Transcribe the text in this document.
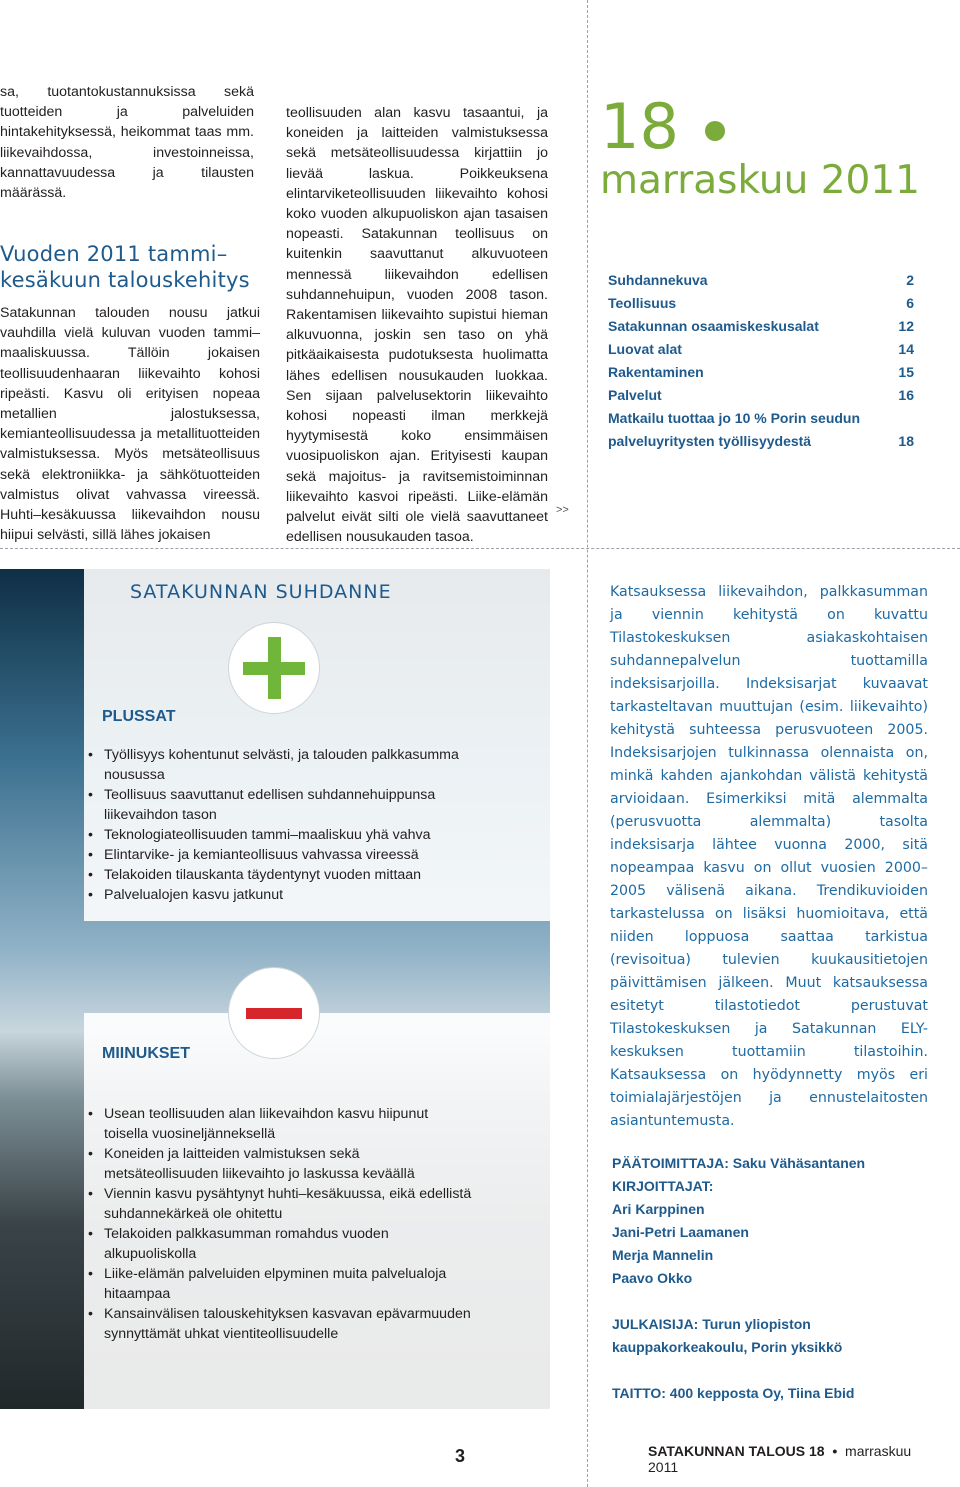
sa, tuotantokustannuksissa sekä tuotteiden ja palveluiden hintakehityksessä, heikommat taas mm. liikevaihdossa, investoinneissa, kannattavuudessa ja tilausten määrässä.
Vuoden 2011 tammi–
kesäkuun talouskehitys
Satakunnan talouden nousu jatkui vauhdilla vielä kuluvan vuoden tammi–maaliskuussa. Tällöin jokaisen teollisuudenhaaran liikevaihto kohosi ripeästi. Kasvu oli erityisen nopeaa metallien jalostuksessa, kemianteollisuudessa ja metallituotteiden valmistuksessa. Myös metsäteollisuus sekä elektroniikka- ja sähkötuotteiden valmistus olivat vahvassa vireessä. Huhti–kesäkuussa liikevaihdon nousu hiipui selvästi, sillä lähes jokaisen
teollisuuden alan kasvu tasaantui, ja koneiden ja laitteiden valmistuksessa sekä metsäteollisuudessa kirjattiin jo lievää laskua. Poikkeuksena elintarviketeollisuuden liikevaihto kohosi koko vuoden alkupuoliskon ajan tasaisen nopeasti. Satakunnan teollisuus on kuitenkin saavuttanut alkuvuoteen mennessä liikevaihdon edellisen suhdannehuipun, vuoden 2008 tason. Rakentamisen liikevaihto supistui hieman alkuvuonna, joskin sen taso on yhä pitkäaikaisesta pudotuksesta huolimatta lähes edellisen nousukauden luokkaa. Sen sijaan palvelusektorin liikevaihto kohosi nopeasti ilman merkkejä hyytymisestä koko ensimmäisen vuosipuoliskon ajan. Erityisesti kaupan sekä majoitus- ja ravitsemistoiminnan liikevaihto kasvoi ripeästi. Liike-elämän palvelut eivät silti ole vielä saavuttaneet edellisen nousukauden tasoa.
>>
18
marraskuu 2011
Suhdannekuva	2
Teollisuus	6
Satakunnan osaamiskeskusalat	12
Luovat alat	14
Rakentaminen	15
Palvelut	16
Matkailu tuottaa jo 10 % Porin seudun
palveluyritysten työllisyydestä	18
SATAKUNNAN SUHDANNE
PLUSSAT
• Työllisyys kohentunut selvästi, ja talouden palkkasumma nousussa
• Teollisuus saavuttanut edellisen suhdannehuippunsa liikevaihdon tason
• Teknologiateollisuuden tammi–maaliskuu yhä vahva
• Elintarvike- ja kemianteollisuus vahvassa vireessä
• Telakoiden tilauskanta täydentynyt vuoden mittaan
• Palvelualojen kasvu jatkunut
MIINUKSET
• Usean teollisuuden alan liikevaihdon kasvu hiipunut toisella vuosineljänneksellä
• Koneiden ja laitteiden valmistuksen sekä metsäteollisuuden liikevaihto jo laskussa keväällä
• Viennin kasvu pysähtynyt huhti–kesäkuussa, eikä edellistä suhdannekärkeä ole ohitettu
• Telakoiden palkkasumman romahdus vuoden alkupuoliskolla
• Liike-elämän palveluiden elpyminen muita palvelualoja hitaampaa
• Kansainvälisen talouskehityksen kasvavan epävarmuuden synnyttämät uhkat vientiteollisuudelle
Katsauksessa liikevaihdon, palkkasumman ja viennin kehitystä on kuvattu Tilastokeskuksen asiakaskohtaisen suhdannepalvelun tuottamilla indeksisarjoilla. Indeksisarjat kuvaavat tarkasteltavan muuttujan (esim. liikevaihto) kehitystä suhteessa perusvuoteen 2005. Indeksisarjojen tulkinnassa olennaista on, minkä kahden ajankohdan välistä kehitystä arvioidaan. Esimerkiksi mitä alemmalta (perusvuotta alemmalta) tasolta indeksisarja lähtee vuonna 2000, sitä nopeampaa kasvu on ollut vuosien 2000–2005 välisenä aikana. Trendikuvioiden tarkastelussa on lisäksi huomioitava, että niiden loppuosa saattaa tarkistua (revisoitua) tulevien kuukausitietojen päivittämisen jälkeen. Muut katsauksessa esitetyt tilastotiedot perustuvat Tilastokeskuksen ja Satakunnan ELY-keskuksen tuottamiin tilastoihin. Katsauksessa on hyödynnetty myös eri toimialajärjestöjen ja ennustelaitosten asiantuntemusta.
PÄÄTOIMITTAJA: Saku Vähäsantanen
KIRJOITTAJAT:
Ari Karppinen
Jani-Petri Laamanen
Merja Mannelin
Paavo Okko
JULKAISIJA: Turun yliopiston
kauppakorkeakoulu, Porin yksikkö
TAITTO: 400 kepposta Oy, Tiina Ebid
3	SATAKUNNAN TALOUS 18  •  marraskuu 2011
